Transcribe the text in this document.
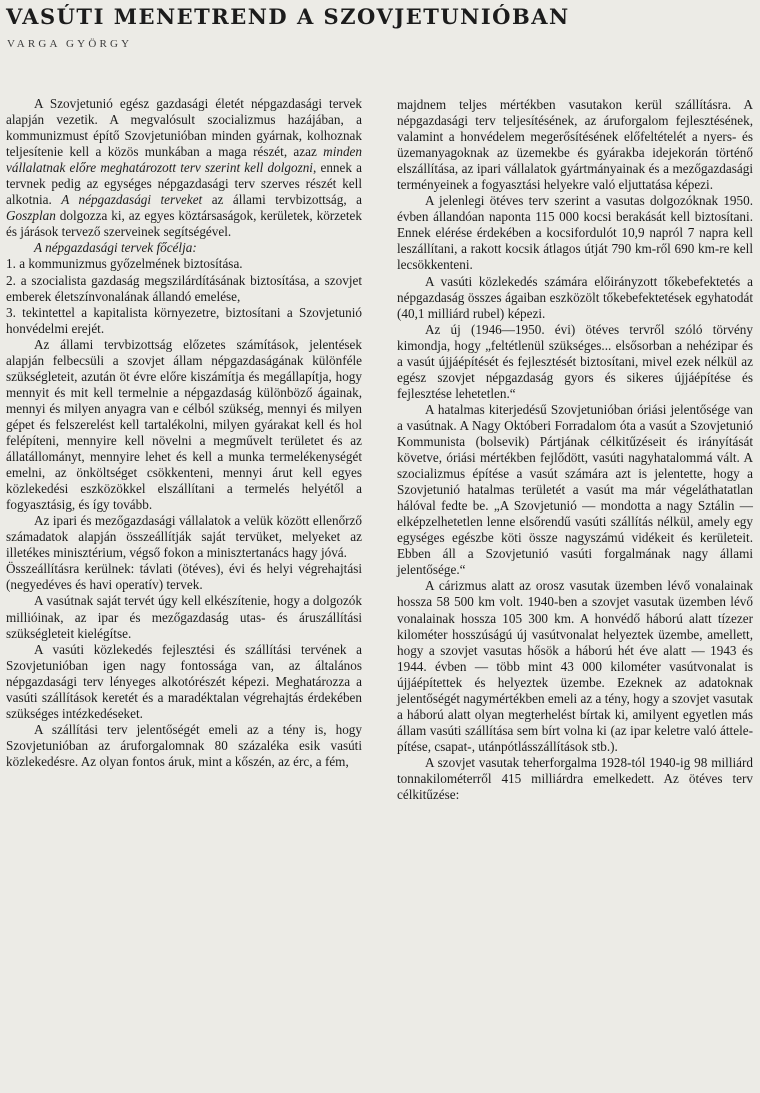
VASÚTI MENETREND A SZOVJETUNIÓBAN
VARGA GYÖRGY

A Szovjetunió egész gazdasági életét népgazdasági tervek alapján vezetik. A megvalósult szocializmus hazájában, a kommunizmust építő Szovjetunióban minden gyárnak, kolhoznak teljesítenie kell a közös munkában a maga részét, azaz minden vállalatnak előre meghatározott terv szerint kell dolgozni, ennek a tervnek pedig az egységes népgazdasági terv szerves részét kell alkotnia. A népgazdasági terveket az állami tervbizottság, a Goszplan dolgozza ki, az egyes köztársaságok, kerületek, körzetek és járások tervező szerveinek segítségével.

A népgazdasági tervek főcélja:

1. a kommunizmus győzelmének biztosítása.

2. a szocialista gazdaság megszilárdításának biztosítása, a szovjet emberek életszínvonalának állandó emelése,

3. tekintettel a kapitalista környezetre, biztosítani a Szovjetunió honvédelmi erejét.

Az állami tervbizottság előzetes számítások, jelentések alapján felbecsüli a szovjet állam népgazdaságának különféle szükségleteit, azután öt évre előre kiszámítja és megállapítja, hogy mennyit és mit kell termelnie a népgazdaság különböző ágainak, mennyi és milyen anyagra van e célból szükség, mennyi és milyen gépet és felszerelést kell tartalékolni, milyen gyárakat kell és hol felépíteni, mennyire kell növelni a megművelt területet és az állatállományt, mennyire lehet és kell a munka termelékenységét emelni, az önköltséget csökkenteni, mennyi árut kell egyes közlekedési eszközökkel elszállítani a termelés helyétől a fogyasztásig, és így tovább.

Az ipari és mezőgazdasági vállalatok a velük között ellenőrző számadatok alapján összeállítják saját tervüket, melyeket az illetékes minisztérium, végső fokon a minisztertanács hagy jóvá.

Összeállításra kerülnek: távlati (ötéves), évi és helyi végrehajtási (negyedéves és havi operatív) tervek.

A vasútnak saját tervét úgy kell elkészítenie, hogy a dolgozók millióinak, az ipar és mezőgazdaság utas- és áruszállítási szükségleteit kielégítse.

A vasúti közlekedés fejlesztési és szállítási tervének a Szovjetunióban igen nagy fontossága van, az általános népgazdasági terv lényeges alkotórészét képezi. Meghatározza a vasúti szállítások keretét és a maradéktalan végrehajtás érdekében szükséges intézkedéseket.

A szállítási terv jelentőségét emeli az a tény is, hogy Szovjetunióban az áruforgalomnak 80 százaléka esik vasúti közlekedésre. Az olyan fontos áruk, mint a kőszén, az érc, a fém,

majdnem teljes mértékben vasutakon kerül szállításra. A népgazdasági terv teljesítésének, az áruforgalom fejlesztésének, valamint a honvédelem megerősítésének előfeltételét a nyers- és üzemanyagoknak az üzemekbe és gyárakba idejekorán történő elszállítása, az ipari vállalatok gyártmányainak és a mezőgazdasági terményeinek a fogyasztási helyekre való eljuttatása képezi.

A jelenlegi ötéves terv szerint a vasutas dolgozóknak 1950. évben állandóan naponta 115 000 kocsi berakását kell biztosítani. Ennek elérése érdekében a kocsifordulót 10,9 napról 7 napra kell leszállítani, a rakott kocsik átlagos útját 790 km-ről 690 km-re kell lecsökkenteni.

A vasúti közlekedés számára előirányzott tőkebefektetés a népgazdaság összes ágaiban eszközölt tőkebefektetések egyhatodát (40,1 milliárd rubel) képezi.

Az új (1946—1950. évi) ötéves tervről szóló törvény kimondja, hogy „feltétlenül szükséges... elsősorban a nehézipar és a vasút újjáépítését és fejlesztését biztosítani, mivel ezek nélkül az egész szovjet népgazdaság gyors és sikeres újjáépítése és fejlesztése lehetetlen.“

A hatalmas kiterjedésű Szovjetunióban óriási jelentősége van a vasútnak. A Nagy Októberi Forradalom óta a vasút a Szovjetunió Kommunista (bolsevik) Pártjának célkitűzéseit és irányítását követve, óriási mértékben fejlődött, vasúti nagyhatalommá vált. A szocializmus építése a vasút számára azt is jelentette, hogy a Szovjetunió hatalmas területét a vasút ma már végeláthatatlan hálóval fedte be. „A Szovjetunió — mondotta a nagy Sztálin — elképzelhetetlen lenne elsőrendű vasúti szállítás nélkül, amely egy egységes egészbe köti össze nagyszámú vidékeit és kerületeit. Ebben áll a Szovjetunió vasúti forgalmának nagy állami jelentősége.“

A cárizmus alatt az orosz vasutak üzemben lévő vonalainak hossza 58 500 km volt. 1940-ben a szovjet vasutak üzemben lévő vonalainak hossza 105 300 km. A honvédő háború alatt tízezer kilométer hosszúságú új vasútvonalat helyeztek üzembe, amellett, hogy a szovjet vasutas hősök a háború hét éve alatt — 1943 és 1944. évben — több mint 43 000 kilométer vasútvonalat is újjáépítettek és helyeztek üzembe. Ezeknek az adatoknak jelentőségét nagymértékben emeli az a tény, hogy a szovjet vasutak a háború alatt olyan megterhelést bírtak ki, amilyent egyetlen más állam vasúti szállítása sem bírt volna ki (az ipar keletre való áttelepítése, csapat-, utánpótlásszállítások stb.).

A szovjet vasutak teherforgalma 1928-tól 1940-ig 98 milliárd tonnakilométerről 415 milliárdra emelkedett. Az ötéves terv célkitűzése:
